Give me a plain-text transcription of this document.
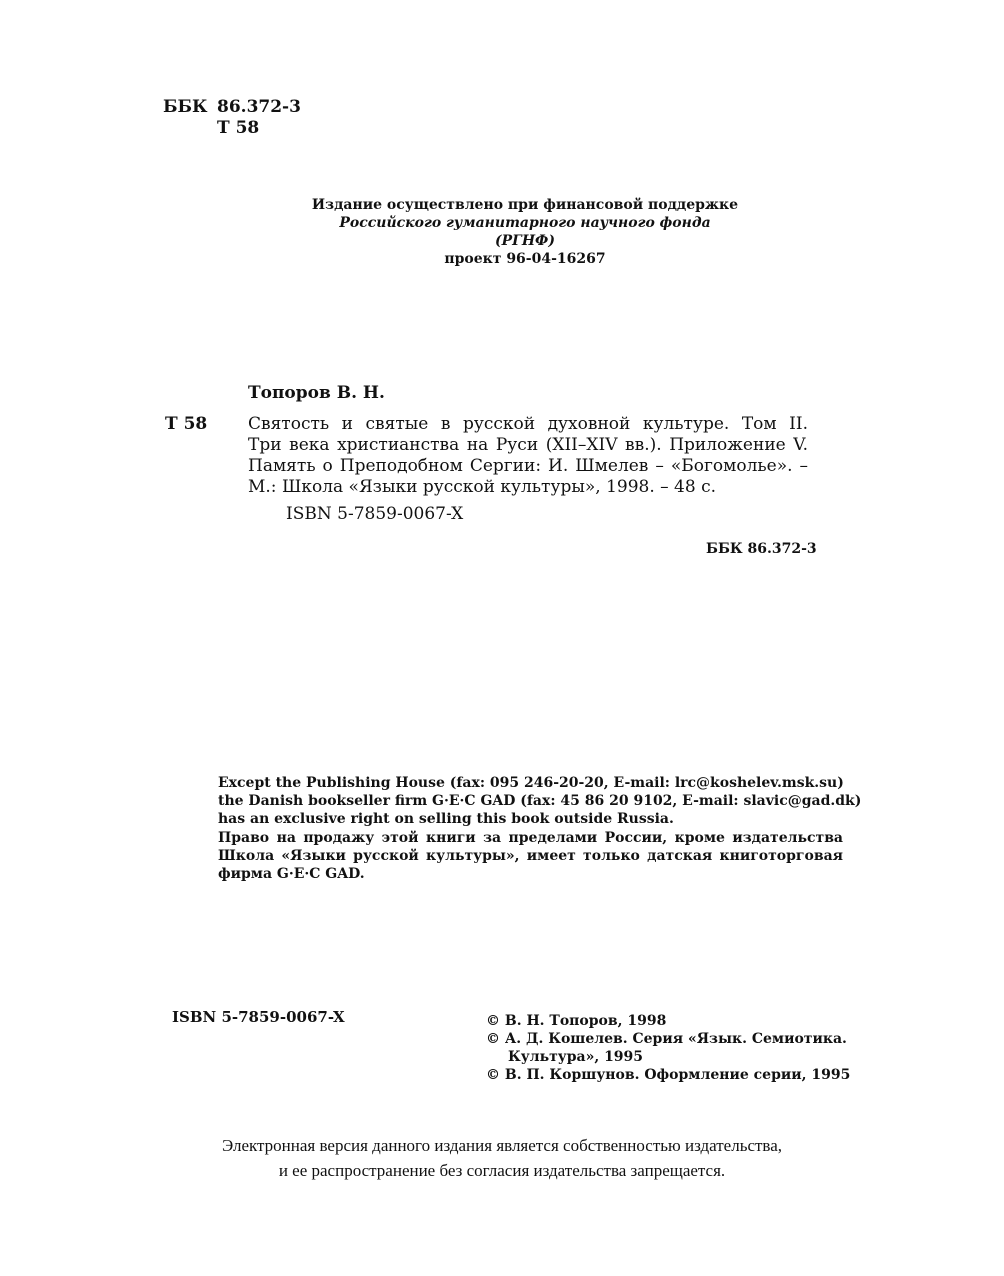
ББК 86.372-3
Т 58
Издание осуществлено при финансовой поддержке
Российского гуманитарного научного фонда
(РГНФ)
проект 96-04-16267
Топоров В. Н.
Т 58 Святость и святые в русской духовной культуре. Том II.
Три века христианства на Руси (XII–XIV вв.). Приложение V.
Память о Преподобном Сергии: И. Шмелев – «Богомолье». –
М.: Школа «Языки русской культуры», 1998. – 48 с.
ISBN 5-7859-0067-X
ББК 86.372-3
Except the Publishing House (fax: 095 246-20-20, E-mail: lrc@koshelev.msk.su)
the Danish bookseller firm G·E·C GAD (fax: 45 86 20 9102, E-mail: slavic@gad.dk)
has an exclusive right on selling this book outside Russia.
Право на продажу этой книги за пределами России, кроме издательства
Школа «Языки русской культуры», имеет только датская книготорговая
фирма G·E·C GAD.
ISBN 5-7859-0067-X	© В. Н. Топоров, 1998
© А. Д. Кошелев. Серия «Язык. Семиотика.
Культура», 1995
© В. П. Коршунов. Оформление серии, 1995
Электронная версия данного издания является собственностью издательства,
и ее распространение без согласия издательства запрещается.
